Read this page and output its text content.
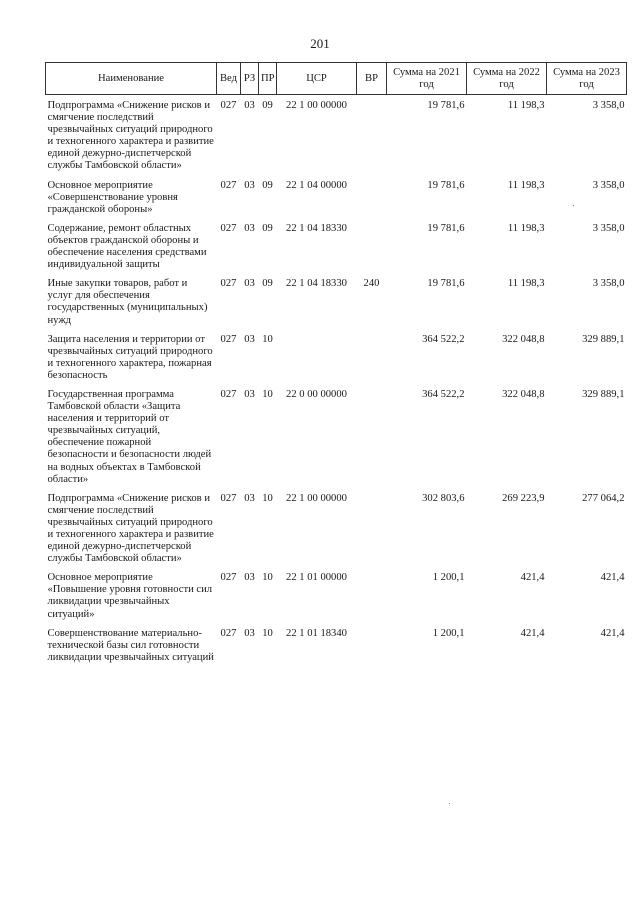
201
Наименование	Вед	РЗ	ПР	ЦСР	ВР	Сумма на 2021 год	Сумма на 2022 год	Сумма на 2023 год
Подпрограмма «Снижение рисков и смягчение последствий чрезвычайных ситуаций природного и техногенного характера и развитие единой дежурно-диспетчерской службы Тамбовской области»	027	03	09	22 1 00 00000		19 781,6	11 198,3	3 358,0
Основное мероприятие «Совершенствование уровня гражданской обороны»	027	03	09	22 1 04 00000		19 781,6	11 198,3	3 358,0
Содержание, ремонт областных объектов гражданской обороны и обеспечение населения средствами индивидуальной защиты	027	03	09	22 1 04 18330		19 781,6	11 198,3	3 358,0
Иные закупки товаров, работ и услуг для обеспечения государственных (муниципальных) нужд	027	03	09	22 1 04 18330	240	19 781,6	11 198,3	3 358,0
Защита населения и территории от чрезвычайных ситуаций природного и техногенного характера, пожарная безопасность	027	03	10			364 522,2	322 048,8	329 889,1
Государственная программа Тамбовской области «Защита населения и территорий от чрезвычайных ситуаций, обеспечение пожарной безопасности и безопасности людей на водных объектах в Тамбовской области»	027	03	10	22 0 00 00000		364 522,2	322 048,8	329 889,1
Подпрограмма «Снижение рисков и смягчение последствий чрезвычайных ситуаций природного и техногенного характера и развитие единой дежурно-диспетчерской службы Тамбовской области»	027	03	10	22 1 00 00000		302 803,6	269 223,9	277 064,2
Основное мероприятие «Повышение уровня готовности сил ликвидации чрезвычайных ситуаций»	027	03	10	22 1 01 00000		1 200,1	421,4	421,4
Совершенствование материально-технической базы сил готовности ликвидации чрезвычайных ситуаций	027	03	10	22 1 01 18340		1 200,1	421,4	421,4
